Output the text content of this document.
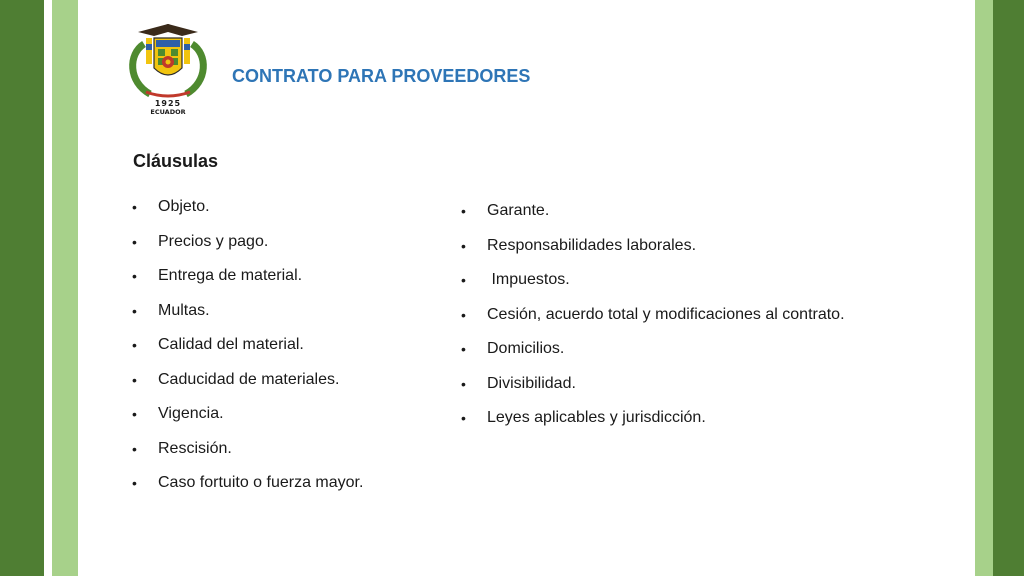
1925
ECUADOR
CONTRATO PARA PROVEEDORES
Cláusulas
• Objeto.
• Precios y pago.
• Entrega de material.
• Multas.
• Calidad del material.
• Caducidad de materiales.
• Vigencia.
• Rescisión.
• Caso fortuito o fuerza mayor.
• Garante.
• Responsabilidades laborales.
•  Impuestos.
• Cesión, acuerdo total y modificaciones al contrato.
• Domicilios.
• Divisibilidad.
• Leyes aplicables y jurisdicción.
